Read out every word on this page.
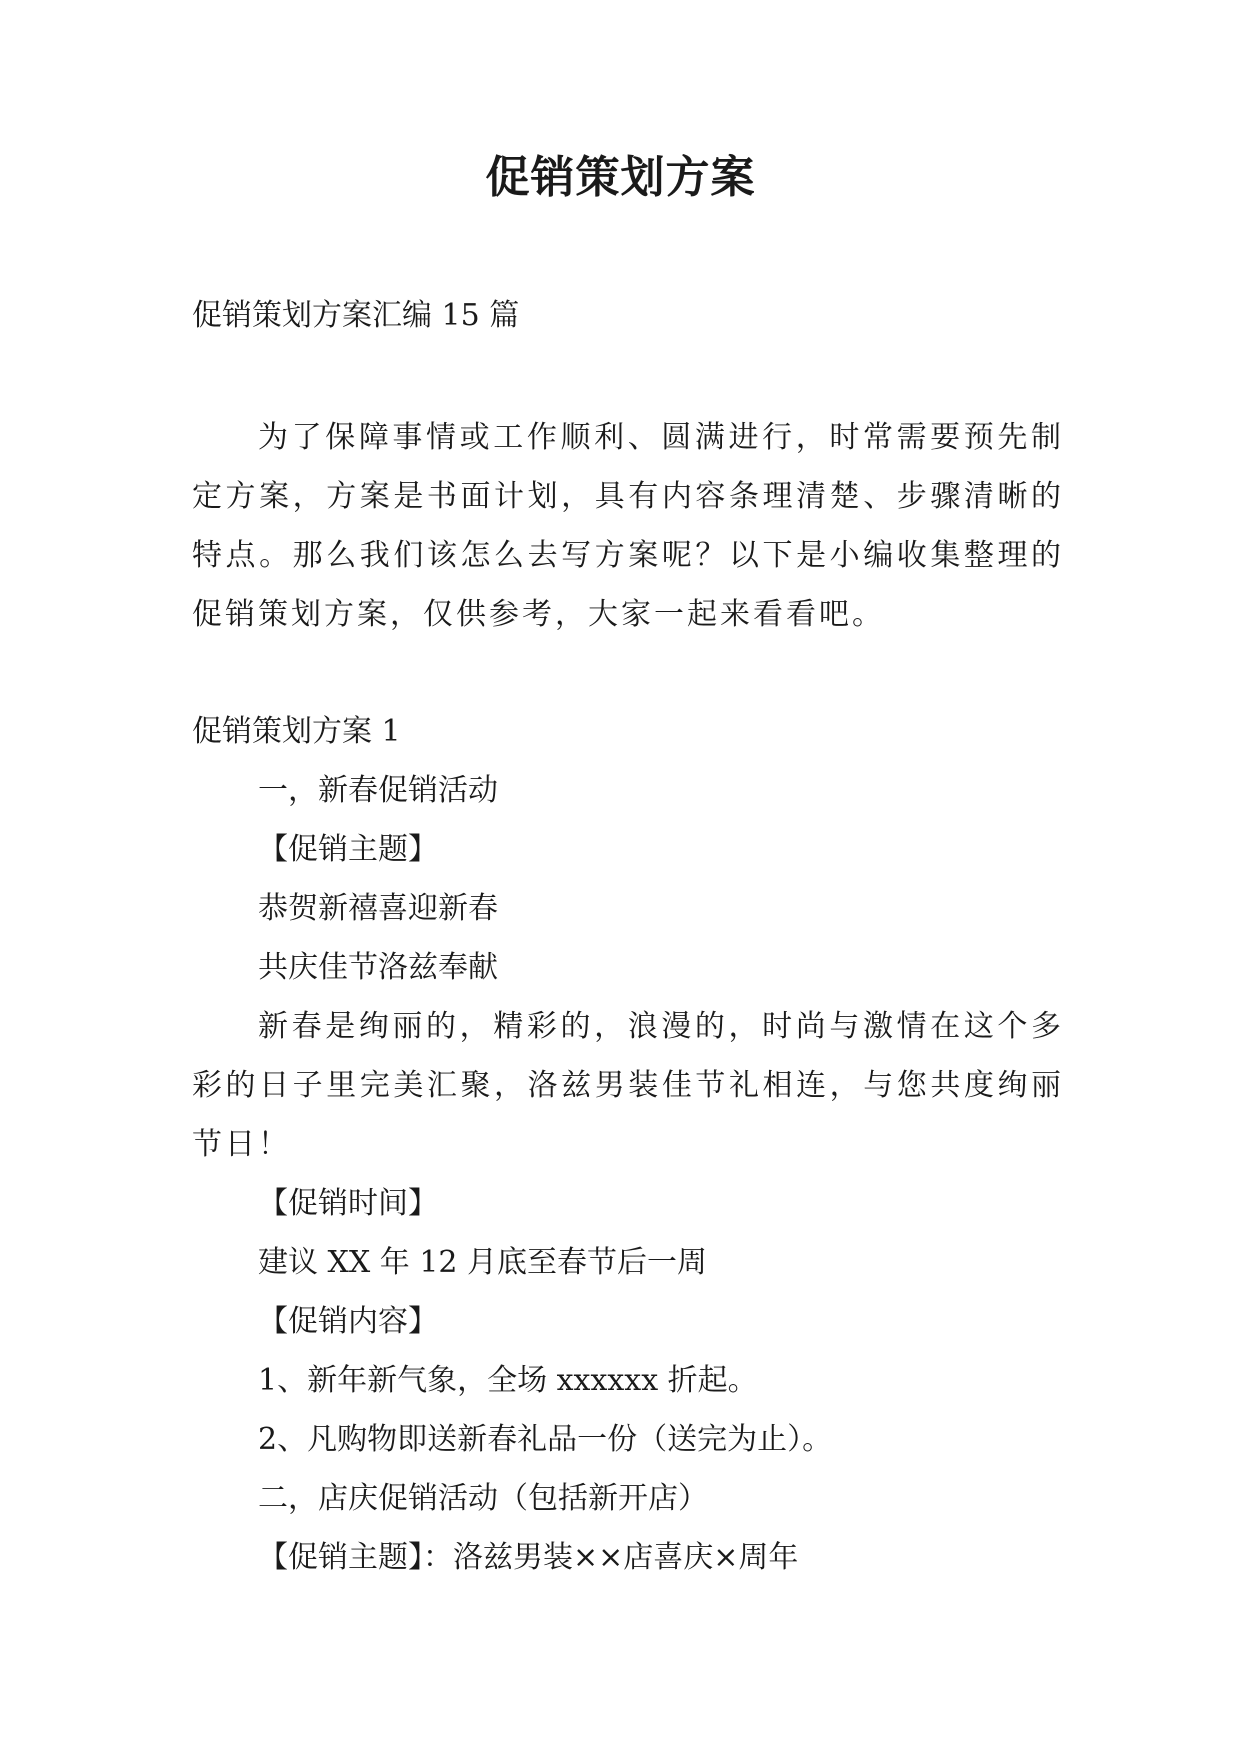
促销策划方案
促销策划方案汇编 15 篇
为了保障事情或工作顺利、圆满进行，时常需要预先制定方案，方案是书面计划，具有内容条理清楚、步骤清晰的特点。那么我们该怎么去写方案呢？以下是小编收集整理的促销策划方案，仅供参考，大家一起来看看吧。
促销策划方案 1
一，新春促销活动
【促销主题】
恭贺新禧喜迎新春
共庆佳节洛兹奉献
新春是绚丽的，精彩的，浪漫的，时尚与激情在这个多彩的日子里完美汇聚，洛兹男装佳节礼相连，与您共度绚丽节日！
【促销时间】
建议 XX 年 12 月底至春节后一周
【促销内容】
1、新年新气象，全场 xxxxxx 折起。
2、凡购物即送新春礼品一份（送完为止）。
二，店庆促销活动（包括新开店）
【促销主题】：洛兹男装××店喜庆×周年
